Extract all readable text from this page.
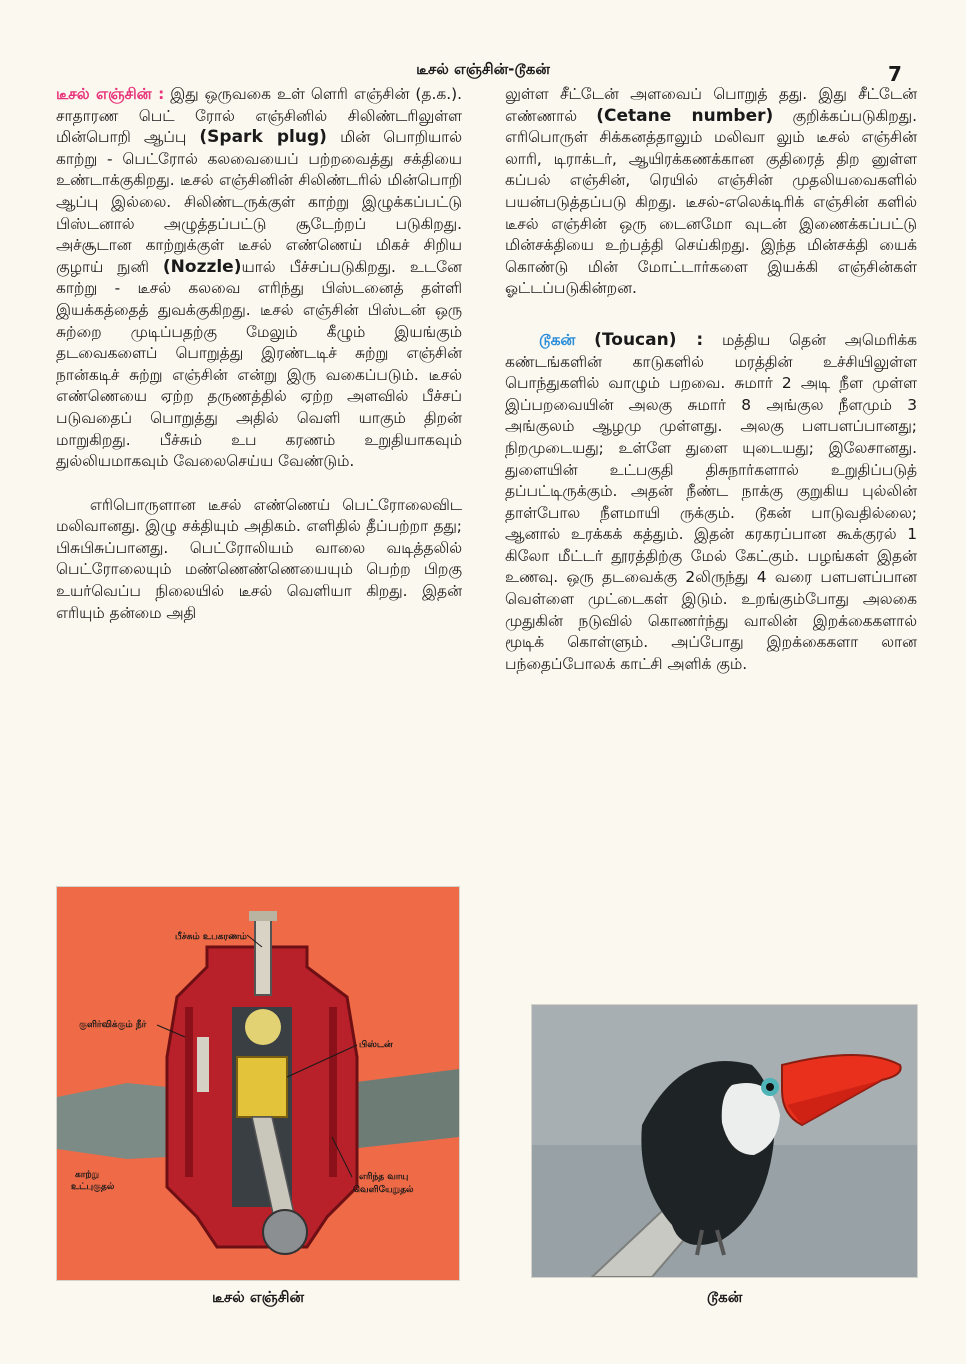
டீசல் எஞ்சின்-டூகன்	7

டீசல் எஞ்சின் : இது ஒருவகை உள் ளெரி எஞ்சின் (த.க.). சாதாரண பெட் ரோல் எஞ்சினில் சிலிண்டரிலுள்ள மின்பொறி ஆப்பு (Spark plug) மின் பொறியால் காற்று - பெட்ரோல் கலவையைப் பற்றவைத்து சக்தியை உண்டாக்குகிறது. டீசல் எஞ்சினின் சிலிண்டரில் மின்பொறி ஆப்பு இல்லை. சிலிண்டருக்குள் காற்று இழுக்கப்பட்டு பிஸ்டனால் அழுத்தப்பட்டு சூடேற்றப் படுகிறது. அச்சூடான காற்றுக்குள் டீசல் எண்ணெய் மிகச் சிறிய குழாய் நுனி (Nozzle)யால் பீச்சப்படுகிறது. உடனே காற்று - டீசல் கலவை எரிந்து பிஸ்டனைத் தள்ளி இயக்கத்தைத் துவக்குகிறது. டீசல் எஞ்சின் பிஸ்டன் ஒரு சுற்றை முடிப்பதற்கு மேலும் கீழும் இயங்கும் தடவைகளைப் பொறுத்து இரண்டடிச் சுற்று எஞ்சின் நான்கடிச் சுற்று எஞ்சின் என்று இரு வகைப்படும். டீசல் எண்ணெயை ஏற்ற தருணத்தில் ஏற்ற அளவில் பீச்சப் படுவதைப் பொறுத்து அதில் வெளி யாகும் திறன் மாறுகிறது. பீச்சும் உப கரணம் உறுதியாகவும் துல்லியமாகவும் வேலைசெய்ய வேண்டும்.

எரிபொருளான டீசல் எண்ணெய் பெட்ரோலைவிட மலிவானது. இழு சக்தியும் அதிகம். எளிதில் தீப்பற்றா தது; பிசுபிசுப்பானது. பெட்ரோலியம் வாலை வடித்தலில் பெட்ரோலையும் மண்ணெண்ணெயையும் பெற்ற பிறகு உயர்வெப்ப நிலையில் டீசல் வெளியா கிறது. இதன் எரியும் தன்மை அதி

லுள்ள சீட்டேன் அளவைப் பொறுத் தது. இது சீட்டேன் எண்ணால் (Cetane number) குறிக்கப்படுகிறது. எரிபொருள் சிக்கனத்தாலும் மலிவா லும் டீசல் எஞ்சின் லாரி, டிராக்டர், ஆயிரக்கணக்கான குதிரைத் திற னுள்ள கப்பல் எஞ்சின், ரெயில் எஞ்சின் முதலியவைகளில் பயன்படுத்தப்படு கிறது. டீசல்-எலெக்டிரிக் எஞ்சின் களில் டீசல் எஞ்சின் ஒரு டைனமோ வுடன் இணைக்கப்பட்டு மின்சக்தியை உற்பத்தி செய்கிறது. இந்த மின்சக்தி யைக் கொண்டு மின் மோட்டார்களை இயக்கி எஞ்சின்கள் ஓட்டப்படுகின்றன.

டூகன் (Toucan) : மத்திய தென் அமெரிக்க கண்டங்களின் காடுகளில் மரத்தின் உச்சியிலுள்ள பொந்துகளில் வாழும் பறவை. சுமார் 2 அடி நீள முள்ள இப்பறவையின் அலகு சுமார் 8 அங்குல நீளமும் 3 அங்குலம் ஆழமு முள்ளது. அலகு பளபளப்பானது; நிறமுடையது; உள்ளே துளை யுடையது; இலேசானது. துளையின் உட்பகுதி திசுநார்களால் உறுதிப்படுத் தப்பட்டிருக்கும். அதன் நீண்ட நாக்கு குறுகிய புல்லின் தாள்போல நீளமாயி ருக்கும். டூகன் பாடுவதில்லை; ஆனால் உரக்கக் கத்தும். இதன் கரகரப்பான கூக்குரல் 1 கிலோ மீட்டர் தூரத்திற்கு மேல் கேட்கும். பழங்கள் இதன் உணவு. ஒரு தடவைக்கு 2லிருந்து 4 வரை பளபளப்பான வெள்ளை முட்டைகள் இடும். உறங்கும்போது அலகை முதுகின் நடுவில் கொணர்ந்து வாலின் இறக்கைகளால் மூடிக் கொள்ளும். அப்போது இறக்கைகளா லான பந்தைப்போலக் காட்சி அளிக் கும்.

பீச்சும் உபகரணம்
குளிர்விக்கும் நீர்
பிஸ்டன்
காற்று
உட்புகுதல்
எரிந்த வாயு
வெளியேறுதல்
டீசல் எஞ்சின்	டூகன்
